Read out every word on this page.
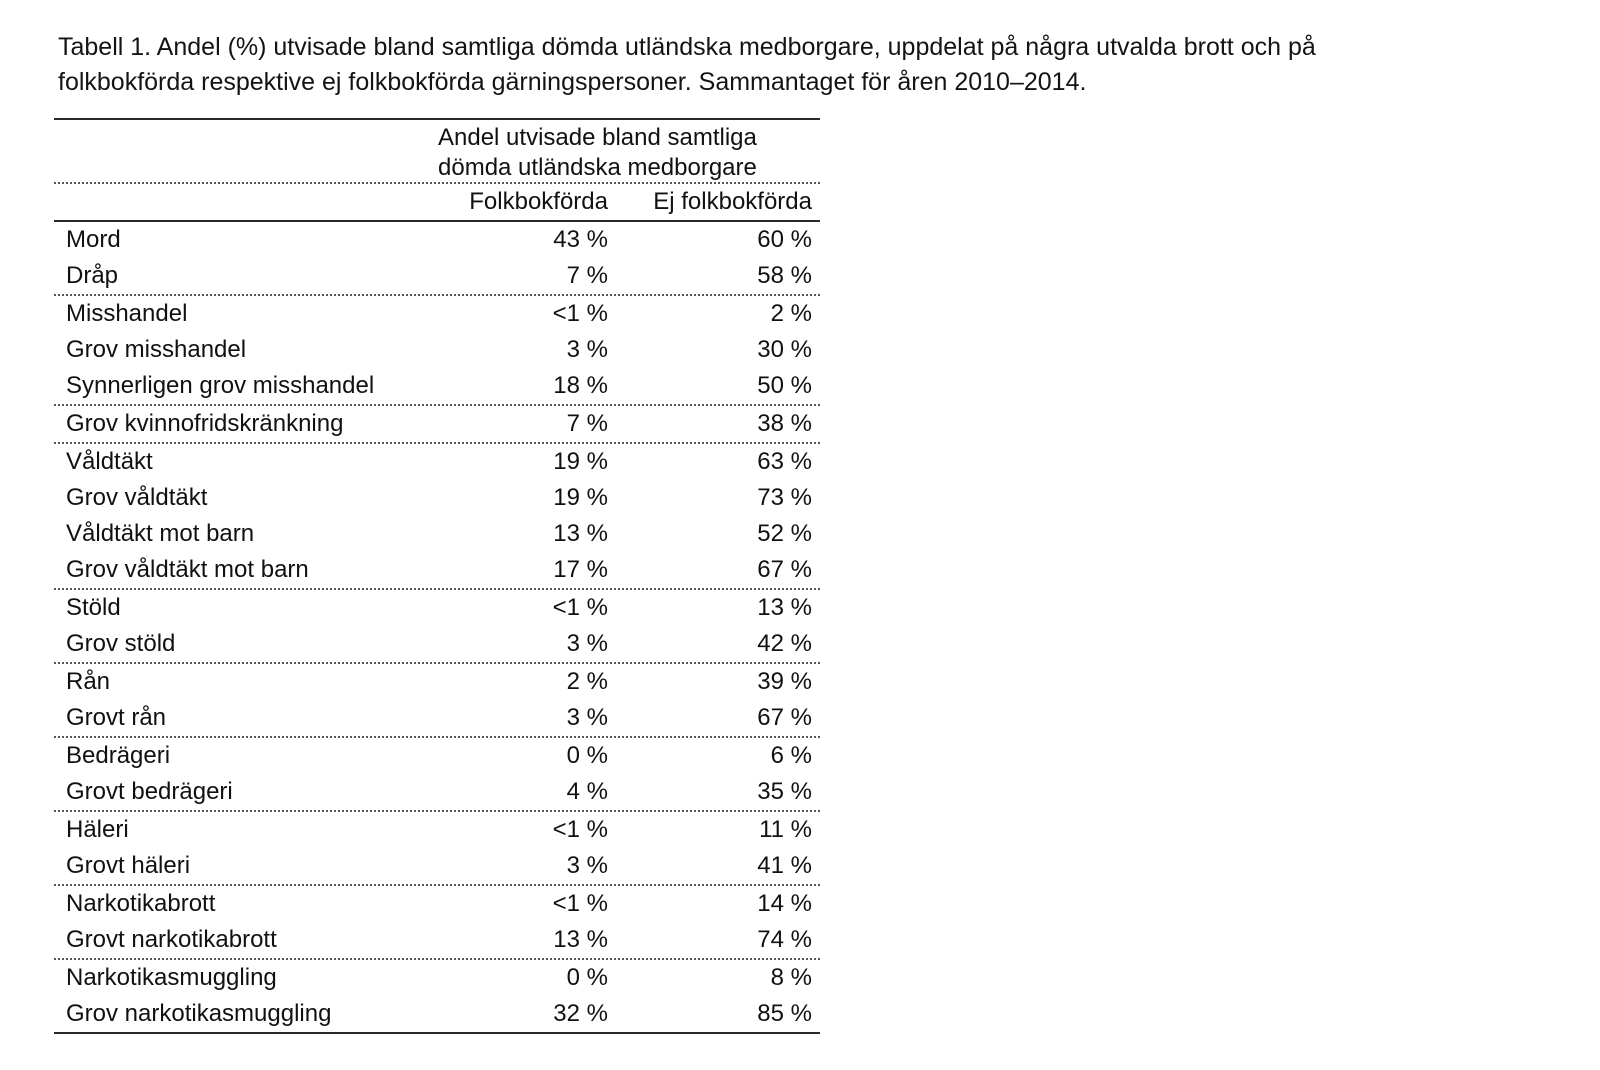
Tabell 1. Andel (%) utvisade bland samtliga dömda utländska medborgare, uppdelat på några utvalda brott och på
folkbokförda respektive ej folkbokförda gärningspersoner. Sammantaget för åren 2010–2014.

Andel utvisade bland samtliga
dömda utländska medborgare
Folkbokförda Ej folkbokförda
Mord	43 %	60 %
Dråp	7 %	58 %
Misshandel	<1 %	2 %
Grov misshandel	3 %	30 %
Synnerligen grov misshandel	18 %	50 %
Grov kvinnofridskränkning	7 %	38 %
Våldtäkt	19 %	63 %
Grov våldtäkt	19 %	73 %
Våldtäkt mot barn	13 %	52 %
Grov våldtäkt mot barn	17 %	67 %
Stöld	<1 %	13 %
Grov stöld	3 %	42 %
Rån	2 %	39 %
Grovt rån	3 %	67 %
Bedrägeri	0 %	6 %
Grovt bedrägeri	4 %	35 %
Häleri	<1 %	11 %
Grovt häleri	3 %	41 %
Narkotikabrott	<1 %	14 %
Grovt narkotikabrott	13 %	74 %
Narkotikasmuggling	0 %	8 %
Grov narkotikasmuggling	32 %	85 %
